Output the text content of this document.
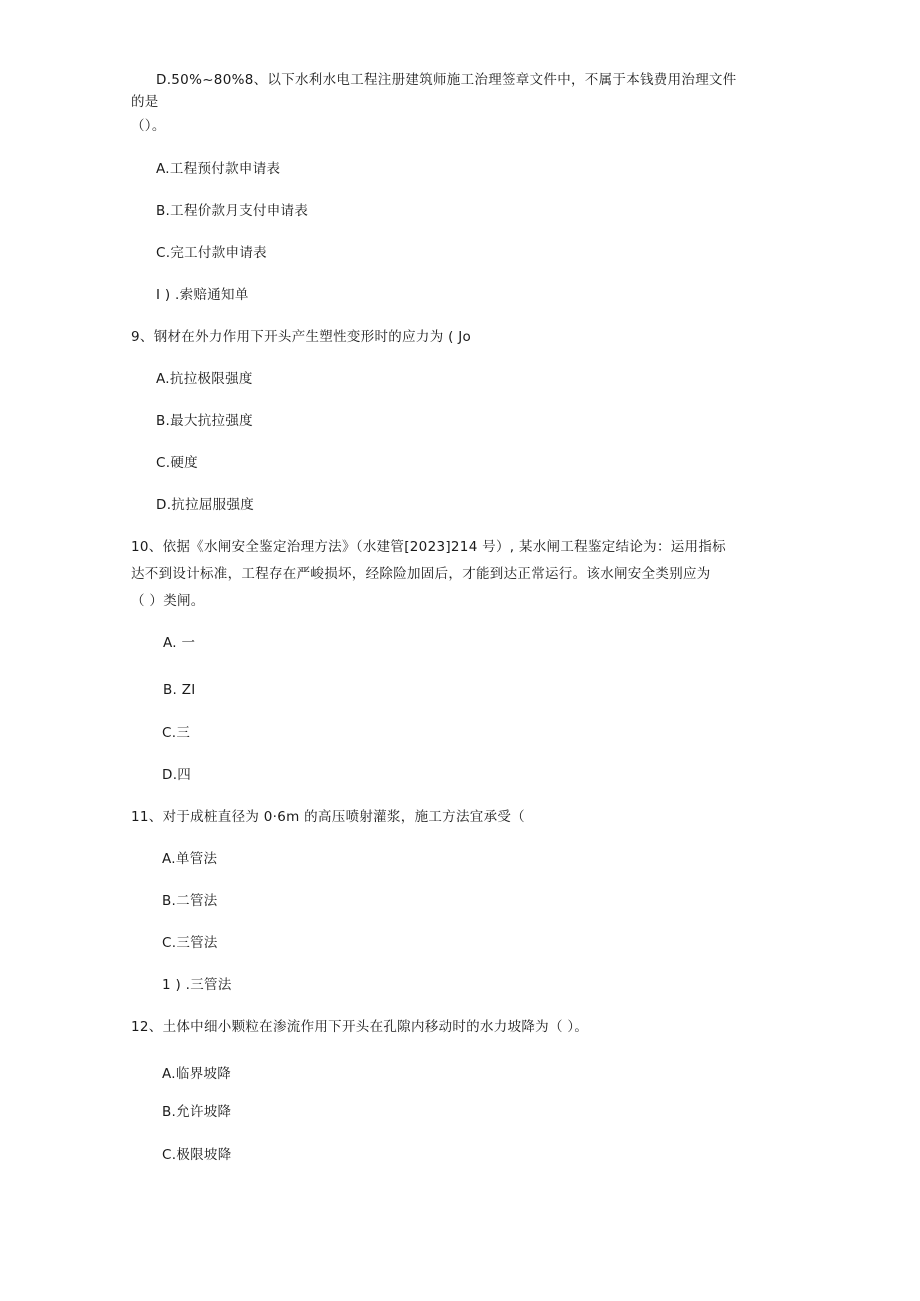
D.50%~80%8、以下水利水电工程注册建筑师施工治理签章文件中，不属于本钱费用治理文件
的是
（）。
A.工程预付款申请表
B.工程价款月支付申请表
C.完工付款申请表
I ) .索赔通知单
9、钢材在外力作用下开头产生塑性变形时的应力为 ( Jo
A.抗拉极限强度
B.最大抗拉强度
C.硬度
D.抗拉屈服强度
10、依据《水闸安全鉴定治理方法》（水建管[2023]214 号）, 某水闸工程鉴定结论为：运用指标
达不到设计标准，工程存在严峻损坏，经除险加固后，才能到达正常运行。该水闸安全类别应为
（ ）类闸。
A. 一
B. ZI
C.三
D.四
11、对于成桩直径为 0·6m 的高压喷射灌浆，施工方法宜承受（
A.单管法
B.二管法
C.三管法
1 ) .三管法
12、土体中细小颗粒在渗流作用下开头在孔隙内移动时的水力坡降为（ ）。
A.临界坡降
B.允许坡降
C.极限坡降
